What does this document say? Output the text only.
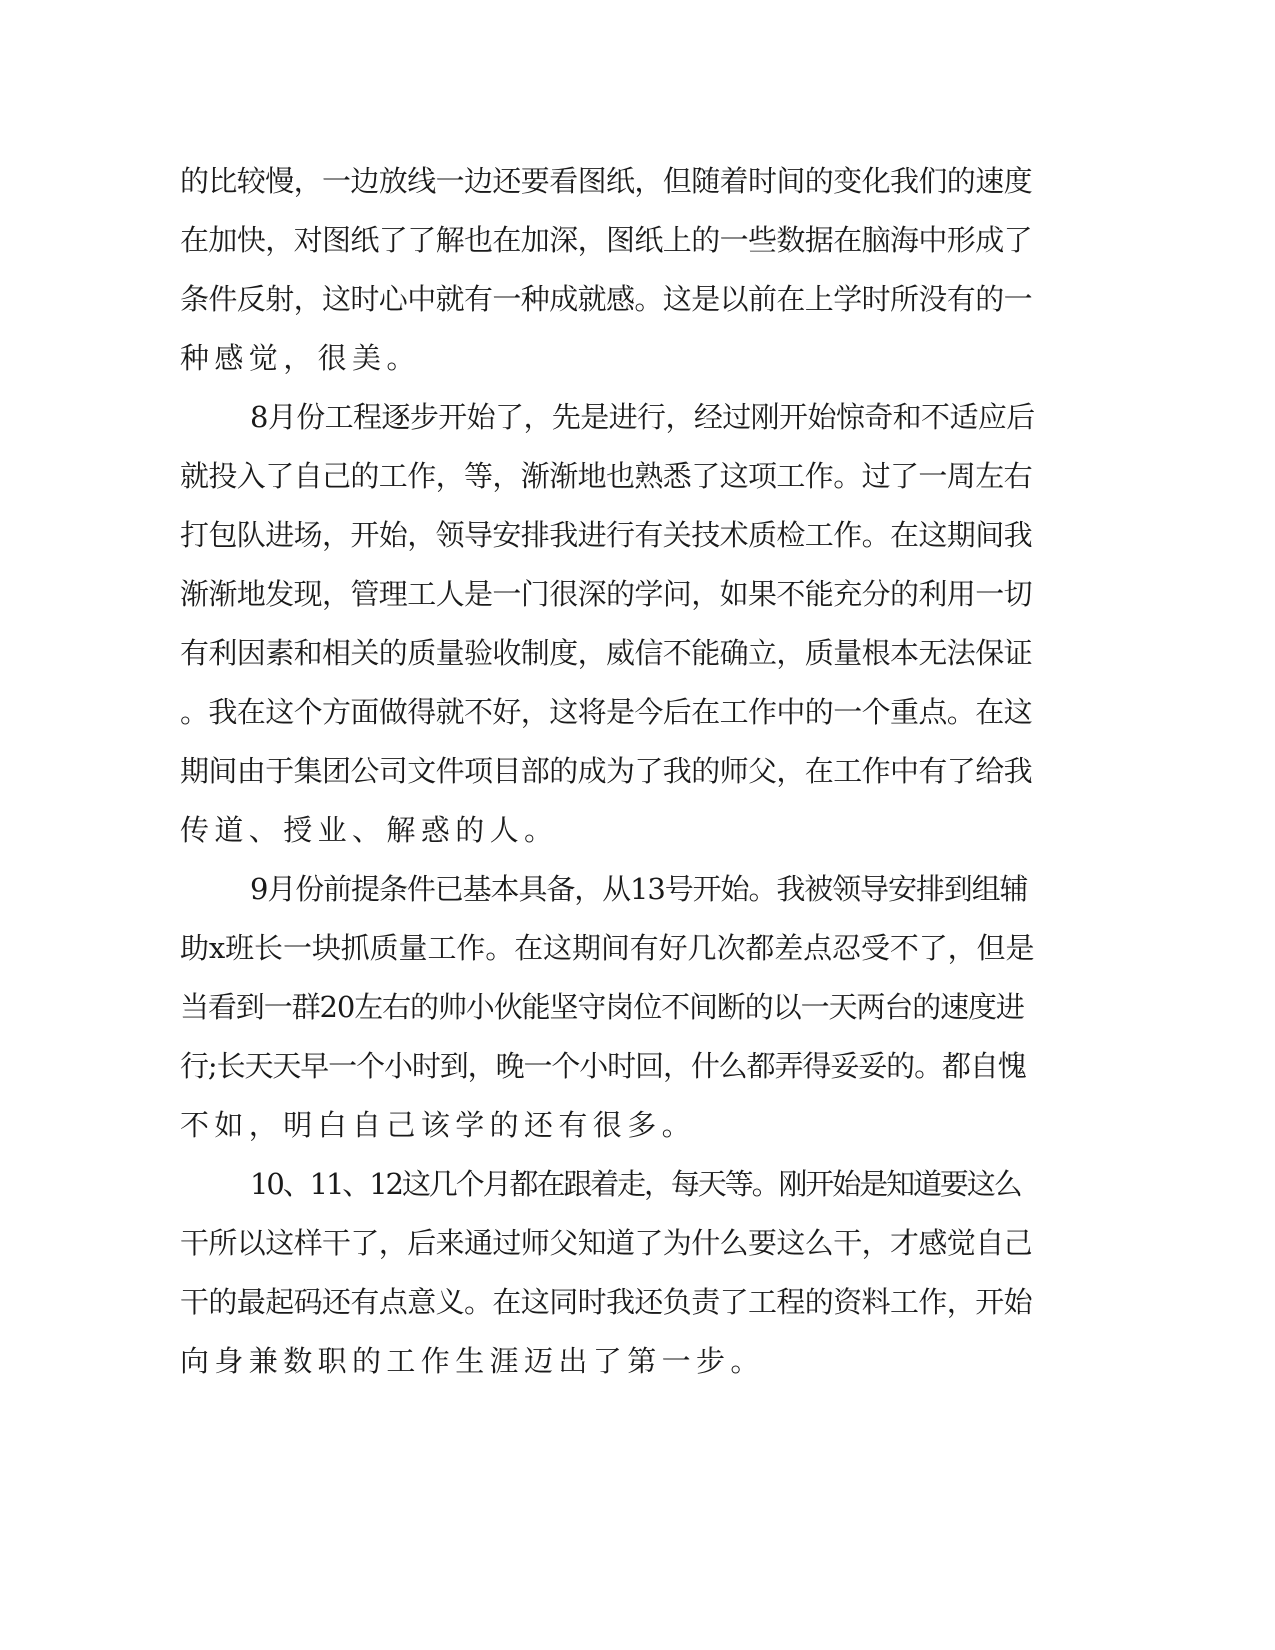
的比较慢，一边放线一边还要看图纸，但随着时间的变化我们的速度
在加快，对图纸了了解也在加深，图纸上的一些数据在脑海中形成了
条件反射，这时心中就有一种成就感。这是以前在上学时所没有的一
种感觉，很美。
8月份工程逐步开始了，先是进行，经过刚开始惊奇和不适应后
就投入了自己的工作，等，渐渐地也熟悉了这项工作。过了一周左右
打包队进场，开始，领导安排我进行有关技术质检工作。在这期间我
渐渐地发现，管理工人是一门很深的学问，如果不能充分的利用一切
有利因素和相关的质量验收制度，威信不能确立，质量根本无法保证
。我在这个方面做得就不好，这将是今后在工作中的一个重点。在这
期间由于集团公司文件项目部的成为了我的师父，在工作中有了给我
传道、授业、解惑的人。
9月份前提条件已基本具备，从13号开始。我被领导安排到组辅
助x班长一块抓质量工作。在这期间有好几次都差点忍受不了，但是
当看到一群20左右的帅小伙能坚守岗位不间断的以一天两台的速度进
行;长天天早一个小时到，晚一个小时回，什么都弄得妥妥的。都自愧
不如，明白自己该学的还有很多。
10、11、12这几个月都在跟着走，每天等。刚开始是知道要这么
干所以这样干了，后来通过师父知道了为什么要这么干，才感觉自己
干的最起码还有点意义。在这同时我还负责了工程的资料工作，开始
向身兼数职的工作生涯迈出了第一步。
